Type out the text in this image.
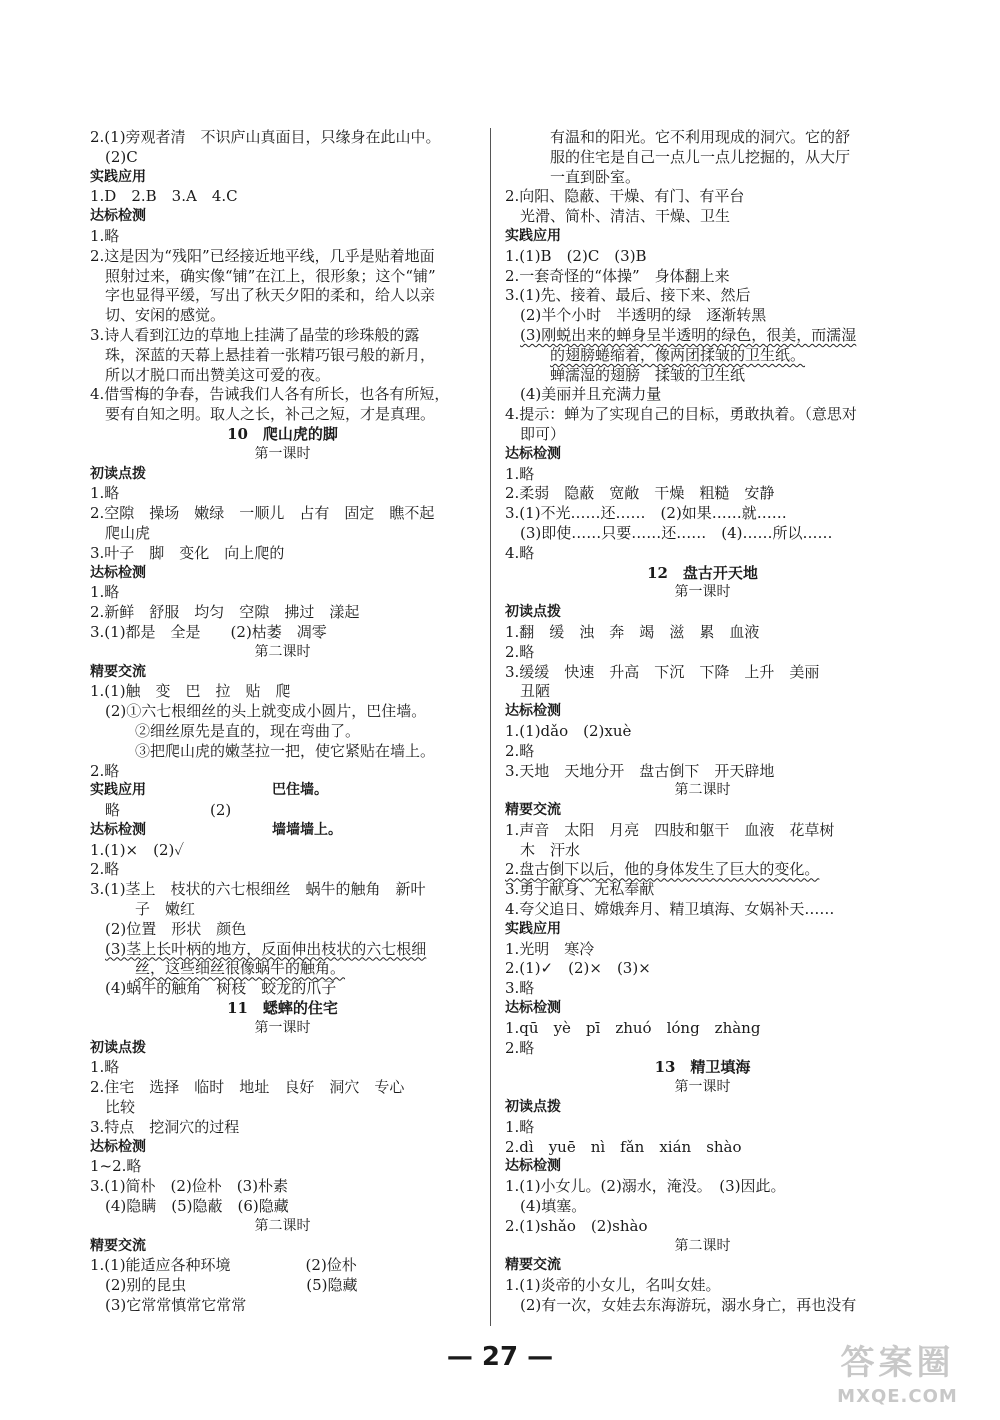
2.(1)旁观者清　不识庐山真面目，只缘身在此山中。
(2)C
实践应用
1.D　2.B　3.A　4.C
达标检测
1.略
2.这是因为“残阳”已经接近地平线，几乎是贴着地面
照射过来，确实像“铺”在江上，很形象；这个“铺”
字也显得平缓，写出了秋天夕阳的柔和，给人以亲
切、安闲的感觉。
3.诗人看到江边的草地上挂满了晶莹的珍珠般的露
珠，深蓝的天幕上悬挂着一张精巧银弓般的新月，
所以才脱口而出赞美这可爱的夜。
4.借雪梅的争春，告诫我们人各有所长，也各有所短，
要有自知之明。取人之长，补己之短，才是真理。
10　爬山虎的脚
第一课时
初读点拨
1.略
2.空隙　操场　嫩绿　一顺儿　占有　固定　瞧不起
爬山虎
3.叶子　脚　变化　向上爬的
达标检测
1.略
2.新鲜　舒服　均匀　空隙　拂过　漾起
3.(1)都是　全是　　(2)枯萎　凋零
第二课时
精要交流
1.(1)触　变　巴　拉　贴　爬
(2)①六七根细丝的头上就变成小圆片，巴住墙。
②细丝原先是直的，现在弯曲了。
③把爬山虎的嫩茎拉一把，使它紧贴在墙上。
2.略
实践应用　　　　　　　　　巴住墙。
略　　　　　　(2)
达标检测　　　　　　　　　墙墙墙上。
1.(1)×　(2)✓
2.略
3.(1)茎上　枝状的六七根细丝　蜗牛的触角　新叶
子　嫩红
(2)位置　形状　颜色
(3)茎上长叶柄的地方，反面伸出枝状的六七根细
丝，这些细丝很像蜗牛的触角。
(4)蜗牛的触角　树枝　蛟龙的爪子
11　蟋蟀的住宅
第一课时
初读点拨
1.略
2.住宅　选择　临时　地址　良好　洞穴　专心
比较
3.特点　挖洞穴的过程
达标检测
1~2.略
3.(1)简朴　(2)俭朴　(3)朴素
(4)隐瞒　(5)隐蔽　(6)隐藏
第二课时
精要交流
1.(1)能适应各种环境　　　　　(2)俭朴
(2)别的昆虫　　　　　　　　(5)隐藏
(3)它常常慎常它常常
有温和的阳光。它不利用现成的洞穴。它的舒
服的住宅是自己一点儿一点儿挖掘的，从大厅
一直到卧室。
2.向阳、隐蔽、干燥、有门、有平台
光滑、简朴、清洁、干燥、卫生
实践应用
1.(1)B　(2)C　(3)B
2.一套奇怪的“体操”　身体翻上来
3.(1)先、接着、最后、接下来、然后
(2)半个小时　半透明的绿　逐渐转黑
(3)刚蜕出来的蝉身呈半透明的绿色，很美，而濡湿
的翅膀蜷缩着，像两团揉皱的卫生纸。
蝉濡湿的翅膀　揉皱的卫生纸
(4)美丽并且充满力量
4.提示：蝉为了实现自己的目标，勇敢执着。（意思对
即可）
达标检测
1.略
2.柔弱　隐蔽　宽敞　干燥　粗糙　安静
3.(1)不光……还……　(2)如果……就……
(3)即使……只要……还……　(4)……所以……
4.略
12　盘古开天地
第一课时
初读点拨
1.翻　缓　浊　奔　竭　滋　累　血液
2.略
3.缓缓　快速　升高　下沉　下降　上升　美丽
丑陋
达标检测
1.(1)dǎo　(2)xuè
2.略
3.天地　天地分开　盘古倒下　开天辟地
第二课时
精要交流
1.声音　太阳　月亮　四肢和躯干　血液　花草树
木　汗水
2.盘古倒下以后，他的身体发生了巨大的变化。
3.勇于献身、无私奉献
4.夸父追日、嫦娥奔月、精卫填海、女娲补天……
实践应用
1.光明　寒冷
2.(1)✓　(2)×　(3)×
3.略
达标检测
1.qū　yè　pī　zhuó　lóng　zhàng
2.略
13　精卫填海
第一课时
初读点拨
1.略
2.dì　yuē　nì　fǎn　xián　shào
达标检测
1.(1)小女儿。(2)溺水，淹没。　(3)因此。
(4)填塞。
2.(1)shǎo　(2)shào
第二课时
精要交流
1.(1)炎帝的小女儿，名叫女娃。
(2)有一次，女娃去东海游玩，溺水身亡，再也没有
— 27 —	答案圈
MXQE.COM
